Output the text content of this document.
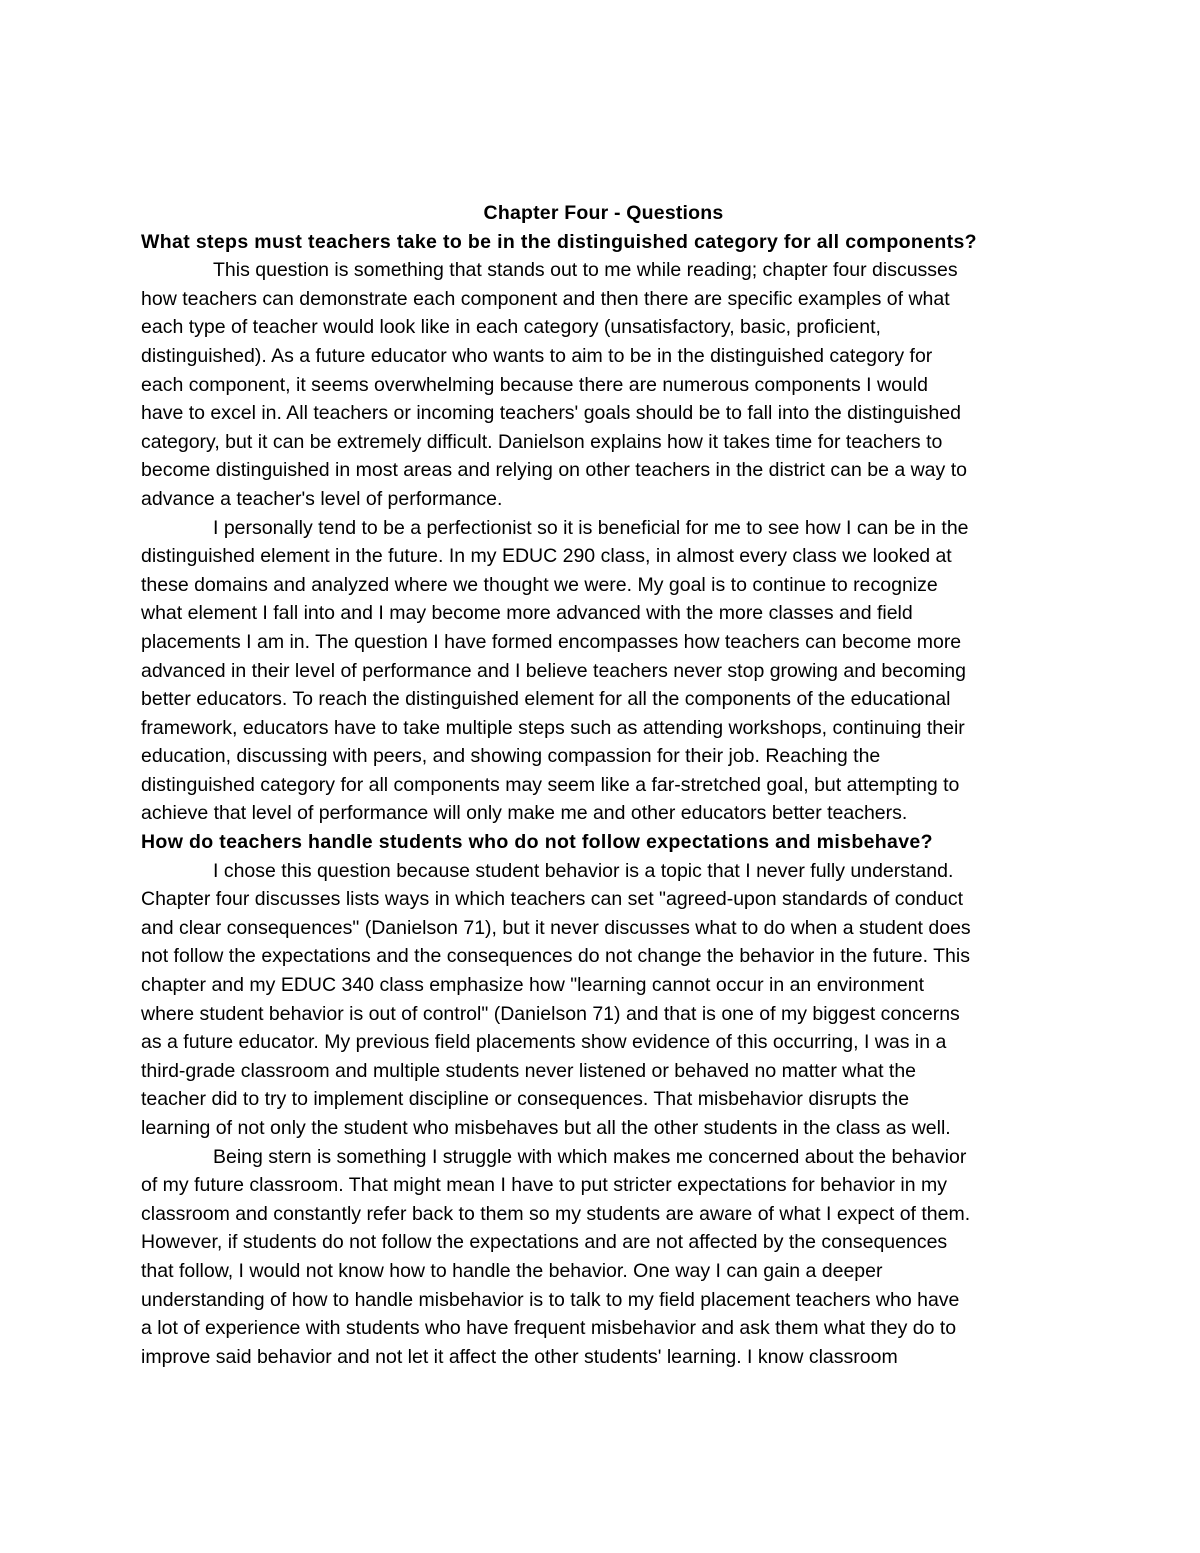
Chapter Four - Questions
What steps must teachers take to be in the distinguished category for all components?
This question is something that stands out to me while reading; chapter four discusses
how teachers can demonstrate each component and then there are specific examples of what
each type of teacher would look like in each category (unsatisfactory, basic, proficient,
distinguished). As a future educator who wants to aim to be in the distinguished category for
each component, it seems overwhelming because there are numerous components I would
have to excel in. All teachers or incoming teachers' goals should be to fall into the distinguished
category, but it can be extremely difficult. Danielson explains how it takes time for teachers to
become distinguished in most areas and relying on other teachers in the district can be a way to
advance a teacher's level of performance.
I personally tend to be a perfectionist so it is beneficial for me to see how I can be in the
distinguished element in the future. In my EDUC 290 class, in almost every class we looked at
these domains and analyzed where we thought we were. My goal is to continue to recognize
what element I fall into and I may become more advanced with the more classes and field
placements I am in. The question I have formed encompasses how teachers can become more
advanced in their level of performance and I believe teachers never stop growing and becoming
better educators. To reach the distinguished element for all the components of the educational
framework, educators have to take multiple steps such as attending workshops, continuing their
education, discussing with peers, and showing compassion for their job. Reaching the
distinguished category for all components may seem like a far-stretched goal, but attempting to
achieve that level of performance will only make me and other educators better teachers.
How do teachers handle students who do not follow expectations and misbehave?
I chose this question because student behavior is a topic that I never fully understand.
Chapter four discusses lists ways in which teachers can set "agreed-upon standards of conduct
and clear consequences" (Danielson 71), but it never discusses what to do when a student does
not follow the expectations and the consequences do not change the behavior in the future. This
chapter and my EDUC 340 class emphasize how "learning cannot occur in an environment
where student behavior is out of control" (Danielson 71) and that is one of my biggest concerns
as a future educator. My previous field placements show evidence of this occurring, I was in a
third-grade classroom and multiple students never listened or behaved no matter what the
teacher did to try to implement discipline or consequences. That misbehavior disrupts the
learning of not only the student who misbehaves but all the other students in the class as well.
Being stern is something I struggle with which makes me concerned about the behavior
of my future classroom. That might mean I have to put stricter expectations for behavior in my
classroom and constantly refer back to them so my students are aware of what I expect of them.
However, if students do not follow the expectations and are not affected by the consequences
that follow, I would not know how to handle the behavior. One way I can gain a deeper
understanding of how to handle misbehavior is to talk to my field placement teachers who have
a lot of experience with students who have frequent misbehavior and ask them what they do to
improve said behavior and not let it affect the other students' learning. I know classroom
